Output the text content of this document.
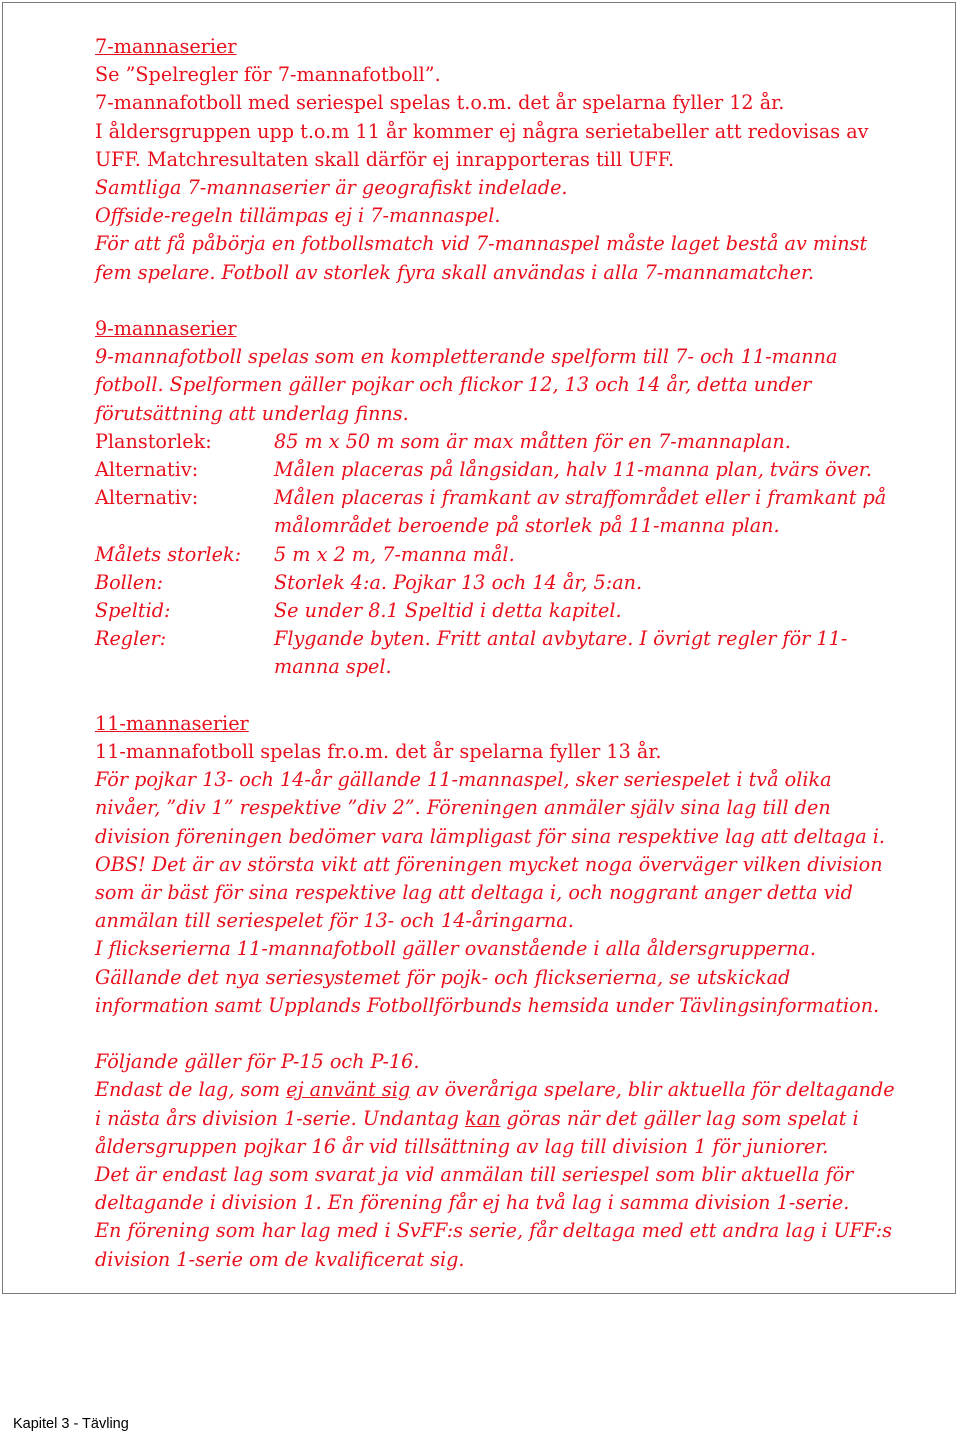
7-mannaserier
Se ”Spelregler för 7-mannafotboll”.
7-mannafotboll med seriespel spelas t.o.m. det år spelarna fyller 12 år.
I åldersgruppen upp t.o.m 11 år kommer ej några serietabeller att redovisas av
UFF. Matchresultaten skall därför ej inrapporteras till UFF.
Samtliga 7-mannaserier är geografiskt indelade.
Offside-regeln tillämpas ej i 7-mannaspel.
För att få påbörja en fotbollsmatch vid 7-mannaspel måste laget bestå av minst
fem spelare. Fotboll av storlek fyra skall användas i alla 7-mannamatcher.
9-mannaserier
9-mannafotboll spelas som en kompletterande spelform till 7- och 11-manna
fotboll. Spelformen gäller pojkar och flickor 12, 13 och 14 år, detta under
förutsättning att underlag finns.
Planstorlek:	85 m x 50 m som är max måtten för en 7-mannaplan.
Alternativ:	Målen placeras på långsidan, halv 11-manna plan, tvärs över.
Alternativ:	Målen placeras i framkant av straffområdet eller i framkant på
målområdet beroende på storlek på 11-manna plan.
Målets storlek:	5 m x 2 m, 7-manna mål.
Bollen:	Storlek 4:a. Pojkar 13 och 14 år, 5:an.
Speltid:	Se under 8.1 Speltid i detta kapitel.
Regler:	Flygande byten. Fritt antal avbytare. I övrigt regler för 11-
manna spel.
11-mannaserier
11-mannafotboll spelas fr.o.m. det år spelarna fyller 13 år.
För pojkar 13- och 14-år gällande 11-mannaspel, sker seriespelet i två olika
nivåer, ”div 1” respektive ”div 2”. Föreningen anmäler själv sina lag till den
division föreningen bedömer vara lämpligast för sina respektive lag att deltaga i.
OBS! Det är av största vikt att föreningen mycket noga överväger vilken division
som är bäst för sina respektive lag att deltaga i, och noggrant anger detta vid
anmälan till seriespelet för 13- och 14-åringarna.
I flickserierna 11-mannafotboll gäller ovanstående i alla åldersgrupperna.
Gällande det nya seriesystemet för pojk- och flickserierna, se utskickad
information samt Upplands Fotbollförbunds hemsida under Tävlingsinformation.
Följande gäller för P-15 och P-16.
Endast de lag, som ej använt sig av överåriga spelare, blir aktuella för deltagande
i nästa års division 1-serie. Undantag kan göras när det gäller lag som spelat i
åldersgruppen pojkar 16 år vid tillsättning av lag till division 1 för juniorer.
Det är endast lag som svarat ja vid anmälan till seriespel som blir aktuella för
deltagande i division 1. En förening får ej ha två lag i samma division 1-serie.
En förening som har lag med i SvFF:s serie, får deltaga med ett andra lag i UFF:s
division 1-serie om de kvalificerat sig.
Kapitel 3 - Tävling
